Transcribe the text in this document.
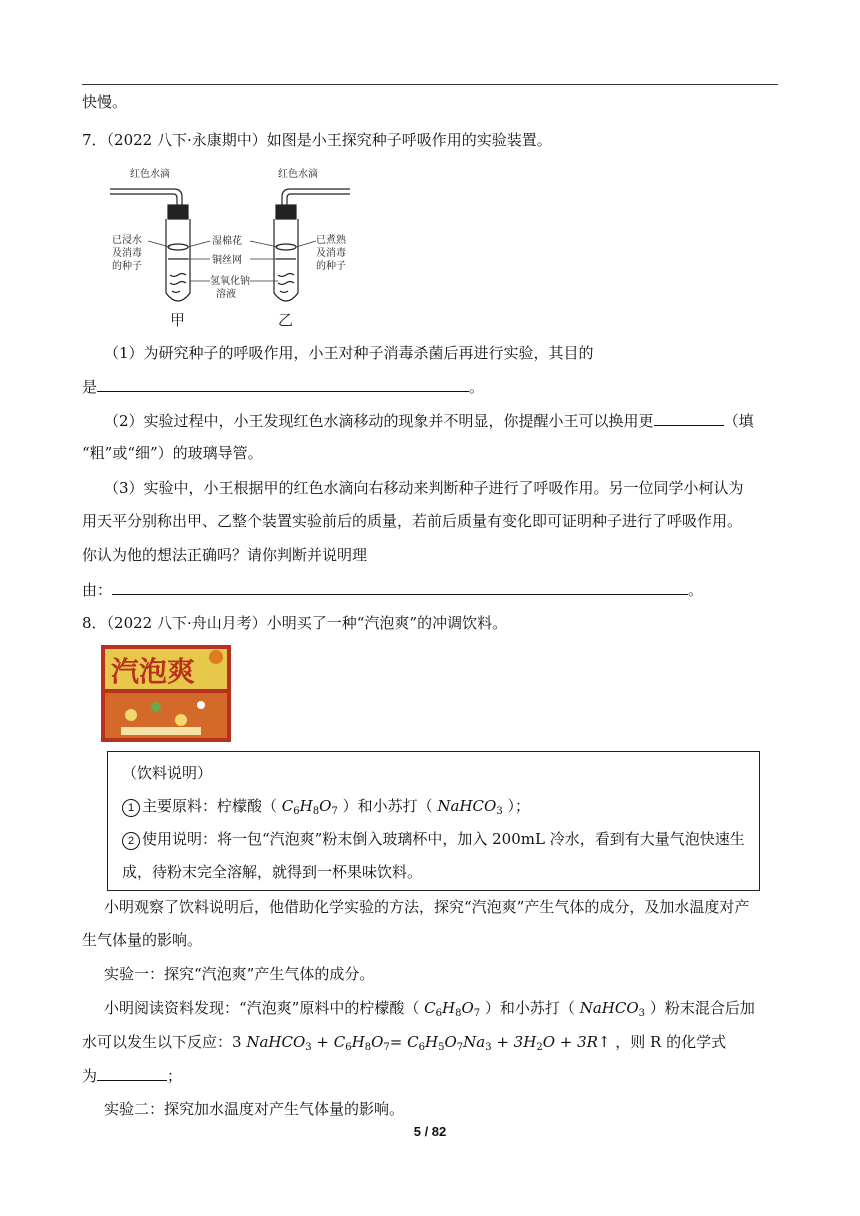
快慢。
7．（2022 八下·永康期中）如图是小王探究种子呼吸作用的实验装置。
红色水滴	红色水滴
已浸水
及消毒
的种子
湿棉花
铜丝网
氢氧化钠
溶液
已煮熟
及消毒
的种子
甲	乙
（1）为研究种子的呼吸作用，小王对种子消毒杀菌后再进行实验，其目的
是	。
（2）实验过程中，小王发现红色水滴移动的现象并不明显，你提醒小王可以换用更	（填
“粗”或“细”）的玻璃导管。
（3）实验中，小王根据甲的红色水滴向右移动来判断种子进行了呼吸作用。另一位同学小柯认为
用天平分别称出甲、乙整个装置实验前后的质量，若前后质量有变化即可证明种子进行了呼吸作用。
你认为他的想法正确吗？请你判断并说明理
由：	。
8．（2022 八下·舟山月考）小明买了一种“汽泡爽”的冲调饮料。
汽泡爽
（饮料说明）
1 主要原料：柠檬酸（ $C_6H_8O_7$ ）和小苏打（ NaHCO$_3$ ）；
2 使用说明：将一包“汽泡爽”粉末倒入玻璃杯中，加入 200mL 冷水，看到有大量气泡快速生
成，待粉末完全溶解，就得到一杯果味饮料。
小明观察了饮料说明后，他借助化学实验的方法，探究“汽泡爽”产生气体的成分，及加水温度对产
生气体量的影响。
实验一：探究“汽泡爽”产生气体的成分。
小明阅读资料发现：“汽泡爽”原料中的柠檬酸（ $C_6H_8O_7$ ）和小苏打（ NaHCO$_3$ ）粉末混合后加
水可以发生以下反应：3 NaHCO$_3$ + $C_6H_8O_7= C_6H_5O_7Na_3 + 3H_2O$ + 3R↑ ，则 R 的化学式
为	；
实验二：探究加水温度对产生气体量的影响。
5 / 82
